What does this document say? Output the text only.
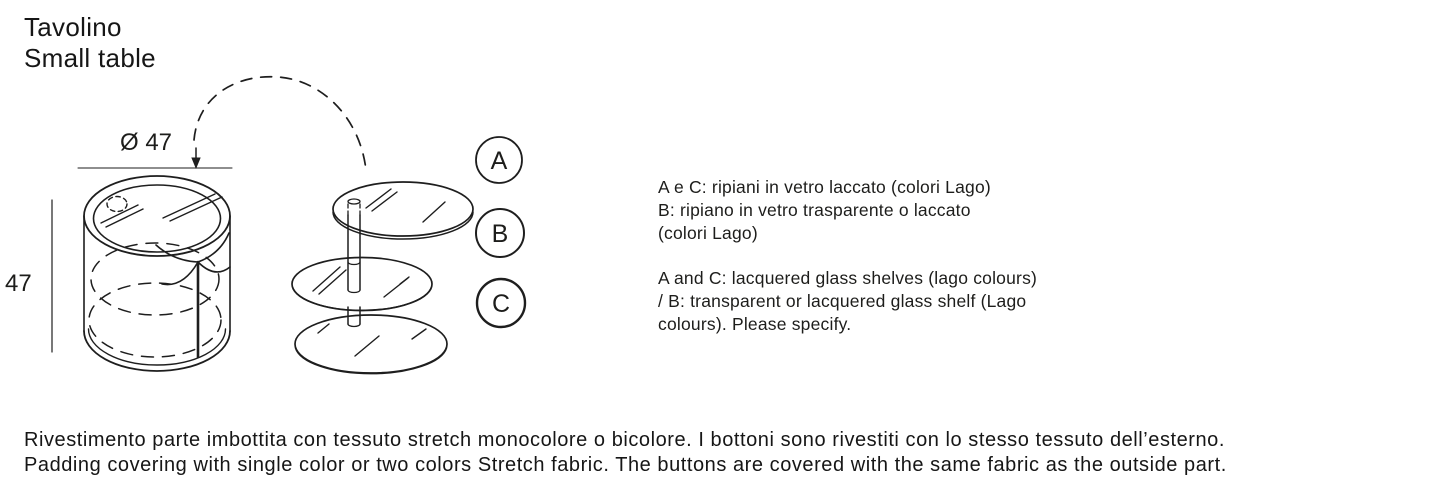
Tavolino
Small table
Ø 47
47
A
B
C
A e C: ripiani in vetro laccato (colori Lago)
B: ripiano in vetro trasparente o laccato
(colori Lago)
A and C: lacquered glass shelves (lago colours)
/ B: transparent or lacquered glass shelf (Lago
colours). Please specify.
Rivestimento parte imbottita con tessuto stretch monocolore o bicolore. I bottoni sono rivestiti con lo stesso tessuto dell’esterno.
Padding covering with single color or two colors Stretch fabric. The buttons are covered with the same fabric as the outside part.
